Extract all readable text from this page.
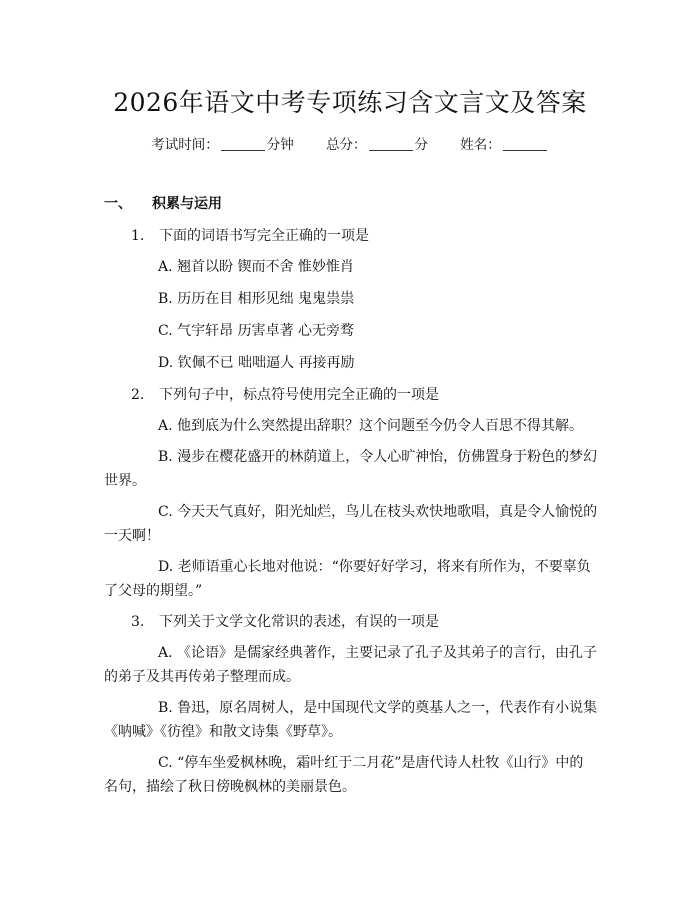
2026年语文中考专项练习含文言文及答案
考试时间：	分钟 总分：	分 姓名：
一、 积累与运用
1. 下面的词语书写完全正确的一项是
A. 翘首以盼 锲而不舍 惟妙惟肖
B. 历历在目 相形见绌 鬼鬼祟祟
C. 气宇轩昂 历害卓著 心无旁骛
D. 钦佩不已 咄咄逼人 再接再励
2. 下列句子中，标点符号使用完全正确的一项是
A. 他到底为什么突然提出辞职？这个问题至今仍令人百思不得其解。
B. 漫步在樱花盛开的林荫道上，令人心旷神怡，仿佛置身于粉色的梦幻
世界。
C. 今天天气真好，阳光灿烂，鸟儿在枝头欢快地歌唱，真是令人愉悦的
一天啊！
D. 老师语重心长地对他说：“你要好好学习，将来有所作为，不要辜负
了父母的期望。”
3. 下列关于文学文化常识的表述，有误的一项是
A. 《论语》是儒家经典著作，主要记录了孔子及其弟子的言行，由孔子
的弟子及其再传弟子整理而成。
B. 鲁迅，原名周树人，是中国现代文学的奠基人之一，代表作有小说集
《呐喊》《彷徨》和散文诗集《野草》。
C. “停车坐爱枫林晚，霜叶红于二月花”是唐代诗人杜牧《山行》中的
名句，描绘了秋日傍晚枫林的美丽景色。
